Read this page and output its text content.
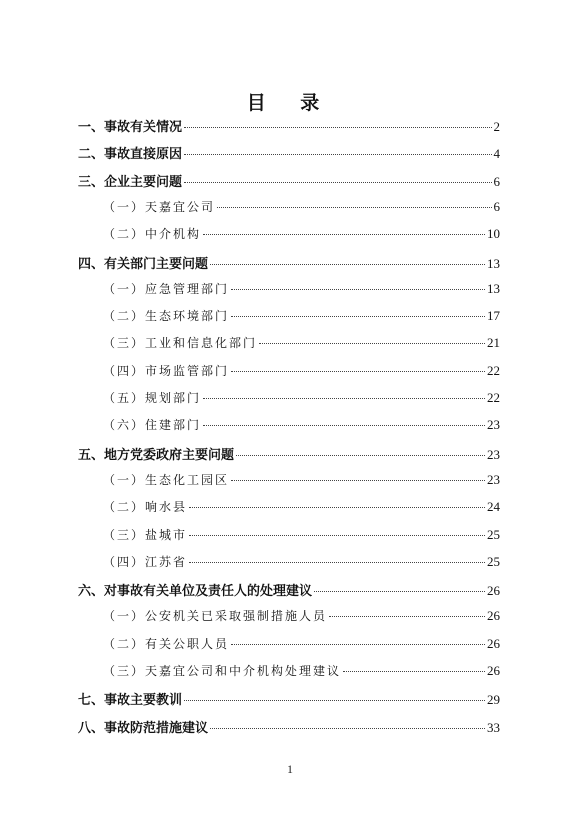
目 录
一、事故有关情况	2
二、事故直接原因	4
三、企业主要问题	6
（一）天嘉宜公司	6
（二）中介机构	10
四、有关部门主要问题	13
（一）应急管理部门	13
（二）生态环境部门	17
（三）工业和信息化部门	21
（四）市场监管部门	22
（五）规划部门	22
（六）住建部门	23
五、地方党委政府主要问题	23
（一）生态化工园区	23
（二）响水县	24
（三）盐城市	25
（四）江苏省	25
六、对事故有关单位及责任人的处理建议	26
（一）公安机关已采取强制措施人员	26
（二）有关公职人员	26
（三）天嘉宜公司和中介机构处理建议	26
七、事故主要教训	29
八、事故防范措施建议	33
1
